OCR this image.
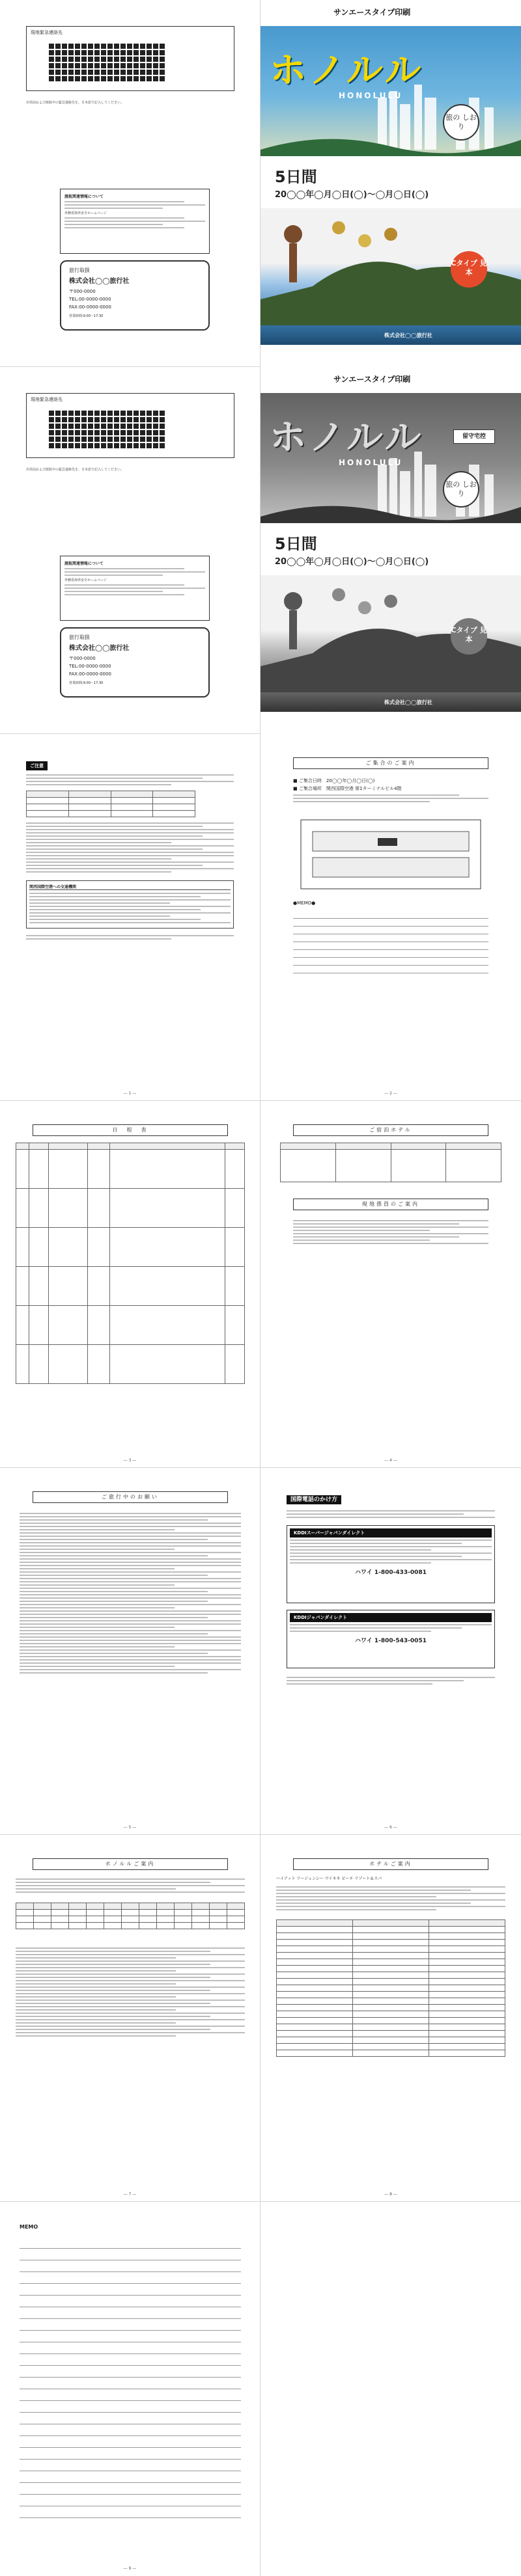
現地緊急連絡先
出発前および渡航中の緊急連絡先を、日本語で記入してください。
渡航関連情報について
外務省海外安全ホームページ
旅行取扱
株式会社◯◯旅行社
〒000-0000
TEL:00-0000-0000
FAX:00-0000-0000
営業時間:9:00〜17:30
サンエースタイプ印刷
ホノルル
HONOLULU
旅の しおり
5日間
20◯◯年◯月◯日(◯)〜◯月◯日(◯)
Cタイプ 見本
株式会社◯◯旅行社
現地緊急連絡先
出発前および渡航中の緊急連絡先を、日本語で記入してください。
渡航関連情報について
外務省海外安全ホームページ
旅行取扱
株式会社◯◯旅行社
〒000-0000
TEL:00-0000-0000
FAX:00-0000-0000
営業時間:9:00〜17:30
サンエースタイプ印刷
留守宅控
ホノルル
HONOLULU
旅の しおり
5日間
20◯◯年◯月◯日(◯)〜◯月◯日(◯)
Cタイプ 見本
株式会社◯◯旅行社
ご注意

関西国際空港への交通機関
— 1 —
ご集合のご案内
■ ご集合日時　20◯◯年◯月◯日(◯)
■ ご集合場所　関西国際空港 第1ターミナルビル4階
●MEMO●
— 2 —
日　程　表

— 3 —
ご宿泊ホテル

現地係員のご案内
— 4 —
ご旅行中のお願い
— 5 —
国際電話のかけ方
KDDIスーパージャパンダイレクト
ハワイ 1-800-433-0081
KDDIジャパンダイレクト
ハワイ 1-800-543-0051
— 6 —
ホノルルご案内

— 7 —
ホテルご案内
ハイアット リージェンシー ワイキキ ビーチ リゾート＆スパ

— 8 —
MEMO
— 9 —
